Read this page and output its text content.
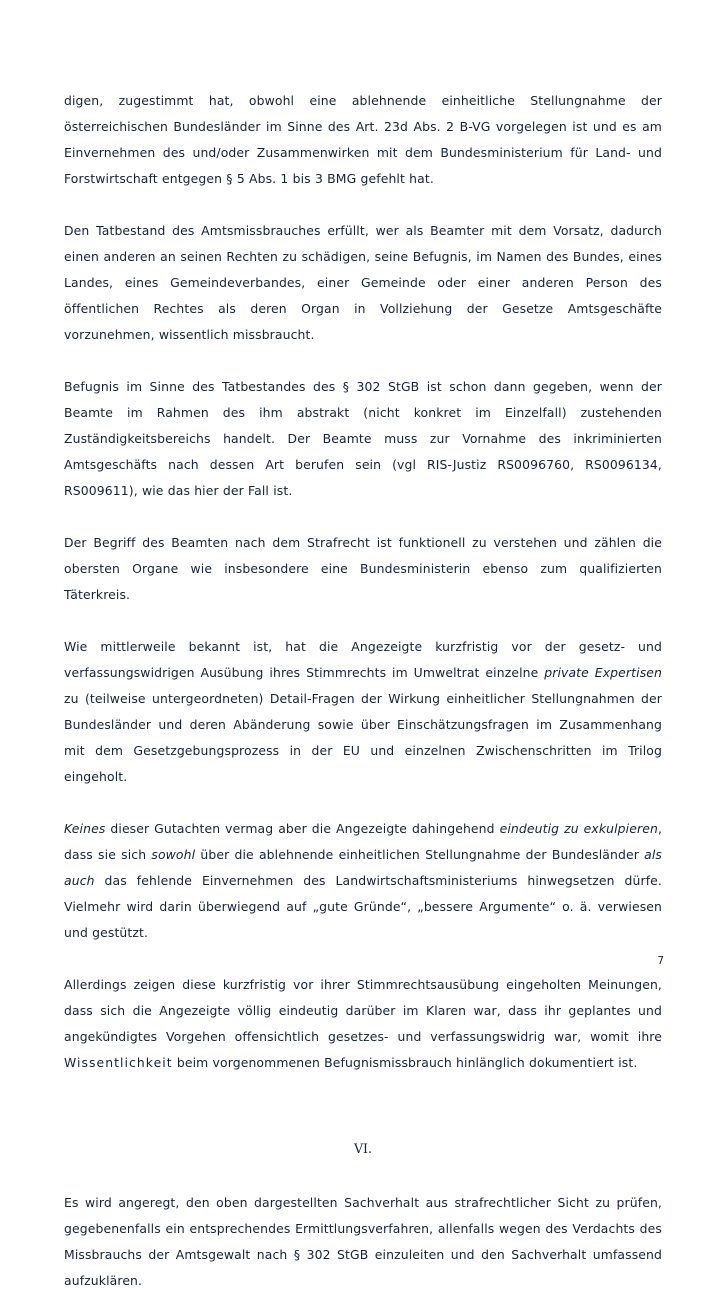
digen, zugestimmt hat, obwohl eine ablehnende einheitliche Stellungnahme der österreichischen Bundesländer im Sinne des Art. 23d Abs. 2 B-VG vorgelegen ist und es am Einvernehmen des und/oder Zusammenwirken mit dem Bundesministerium für Land- und Forstwirtschaft entgegen § 5 Abs. 1 bis 3 BMG gefehlt hat.

Den Tatbestand des Amtsmissbrauches erfüllt, wer als Beamter mit dem Vorsatz, dadurch einen anderen an seinen Rechten zu schädigen, seine Befugnis, im Namen des Bundes, eines Landes, eines Gemeindeverbandes, einer Gemeinde oder einer anderen Person des öffentlichen Rechtes als deren Organ in Vollziehung der Gesetze Amtsgeschäfte vorzunehmen, wissentlich missbraucht.

Befugnis im Sinne des Tatbestandes des § 302 StGB ist schon dann gegeben, wenn der Beamte im Rahmen des ihm abstrakt (nicht konkret im Einzelfall) zustehenden Zuständigkeitsbereichs handelt. Der Beamte muss zur Vornahme des inkriminierten Amtsgeschäfts nach dessen Art berufen sein (vgl RIS-Justiz RS0096760, RS0096134, RS009611), wie das hier der Fall ist.

Der Begriff des Beamten nach dem Strafrecht ist funktionell zu verstehen und zählen die obersten Organe wie insbesondere eine Bundesministerin ebenso zum qualifizierten Täterkreis.

Wie mittlerweile bekannt ist, hat die Angezeigte kurzfristig vor der gesetz- und verfassungswidrigen Ausübung ihres Stimmrechts im Umweltrat einzelne private Expertisen zu (teilweise untergeordneten) Detail-Fragen der Wirkung einheitlicher Stellungnahmen der Bundesländer und deren Abänderung sowie über Einschätzungsfragen im Zusammenhang mit dem Gesetzgebungsprozess in der EU und einzelnen Zwischenschritten im Trilog eingeholt.

Keines dieser Gutachten vermag aber die Angezeigte dahingehend eindeutig zu exkulpieren, dass sie sich sowohl über die ablehnende einheitlichen Stellungnahme der Bundesländer als auch das fehlende Einvernehmen des Landwirtschaftsministeriums hinwegsetzen dürfe. Vielmehr wird darin überwiegend auf „gute Gründe“, „bessere Argumente“ o. ä. verwiesen und gestützt.

Allerdings zeigen diese kurzfristig vor ihrer Stimmrechtsausübung eingeholten Meinungen, dass sich die Angezeigte völlig eindeutig darüber im Klaren war, dass ihr geplantes und angekündigtes Vorgehen offensichtlich gesetzes- und verfassungswidrig war, womit ihre Wissentlichkeit beim vorgenommenen Befugnismissbrauch hinlänglich dokumentiert ist.

VI.

Es wird angeregt, den oben dargestellten Sachverhalt aus strafrechtlicher Sicht zu prüfen, gegebenenfalls ein entsprechendes Ermittlungsverfahren, allenfalls wegen des Verdachts des Missbrauchs der Amtsgewalt nach § 302 StGB einzuleiten und den Sachverhalt umfassend aufzuklären.

7
